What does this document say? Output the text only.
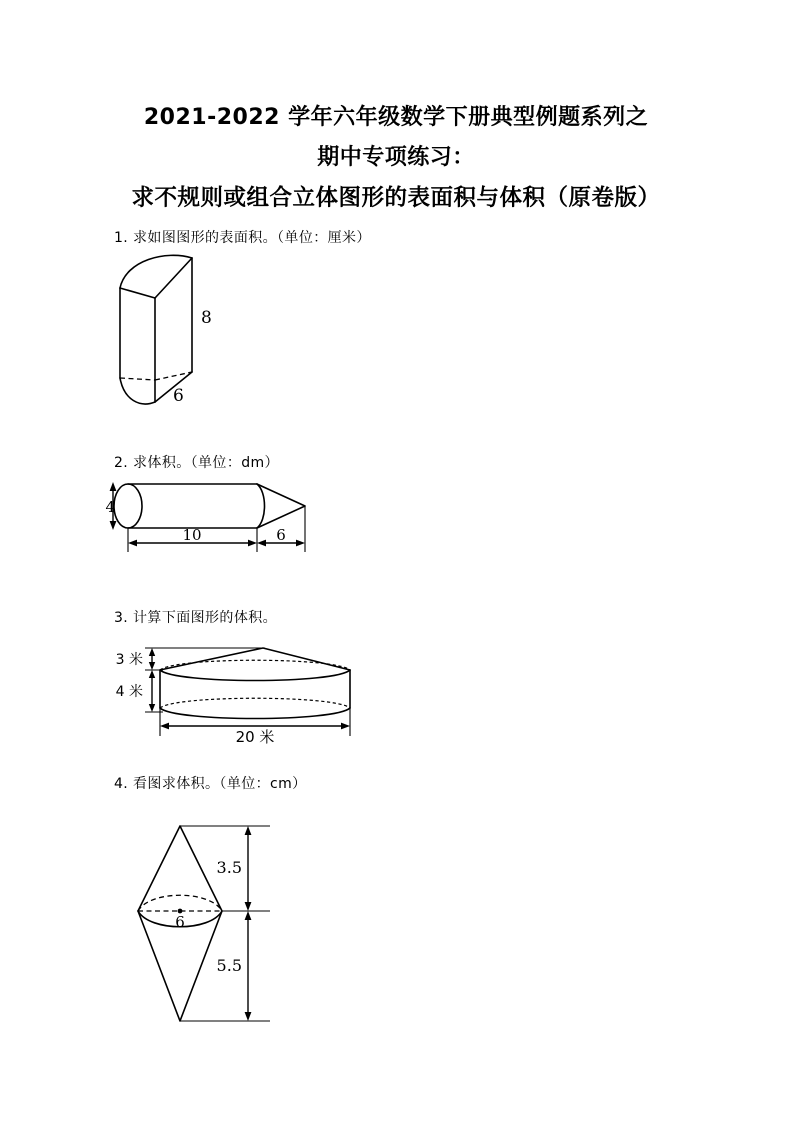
2021-2022 学年六年级数学下册典型例题系列之
期中专项练习：
求不规则或组合立体图形的表面积与体积（原卷版）
1. 求如图图形的表面积。（单位：厘米）
8
6
2. 求体积。（单位：dm）
4
10	6
3. 计算下面图形的体积。
3 米
4 米
20 米
4. 看图求体积。（单位：cm）
6
3.5
5.5
